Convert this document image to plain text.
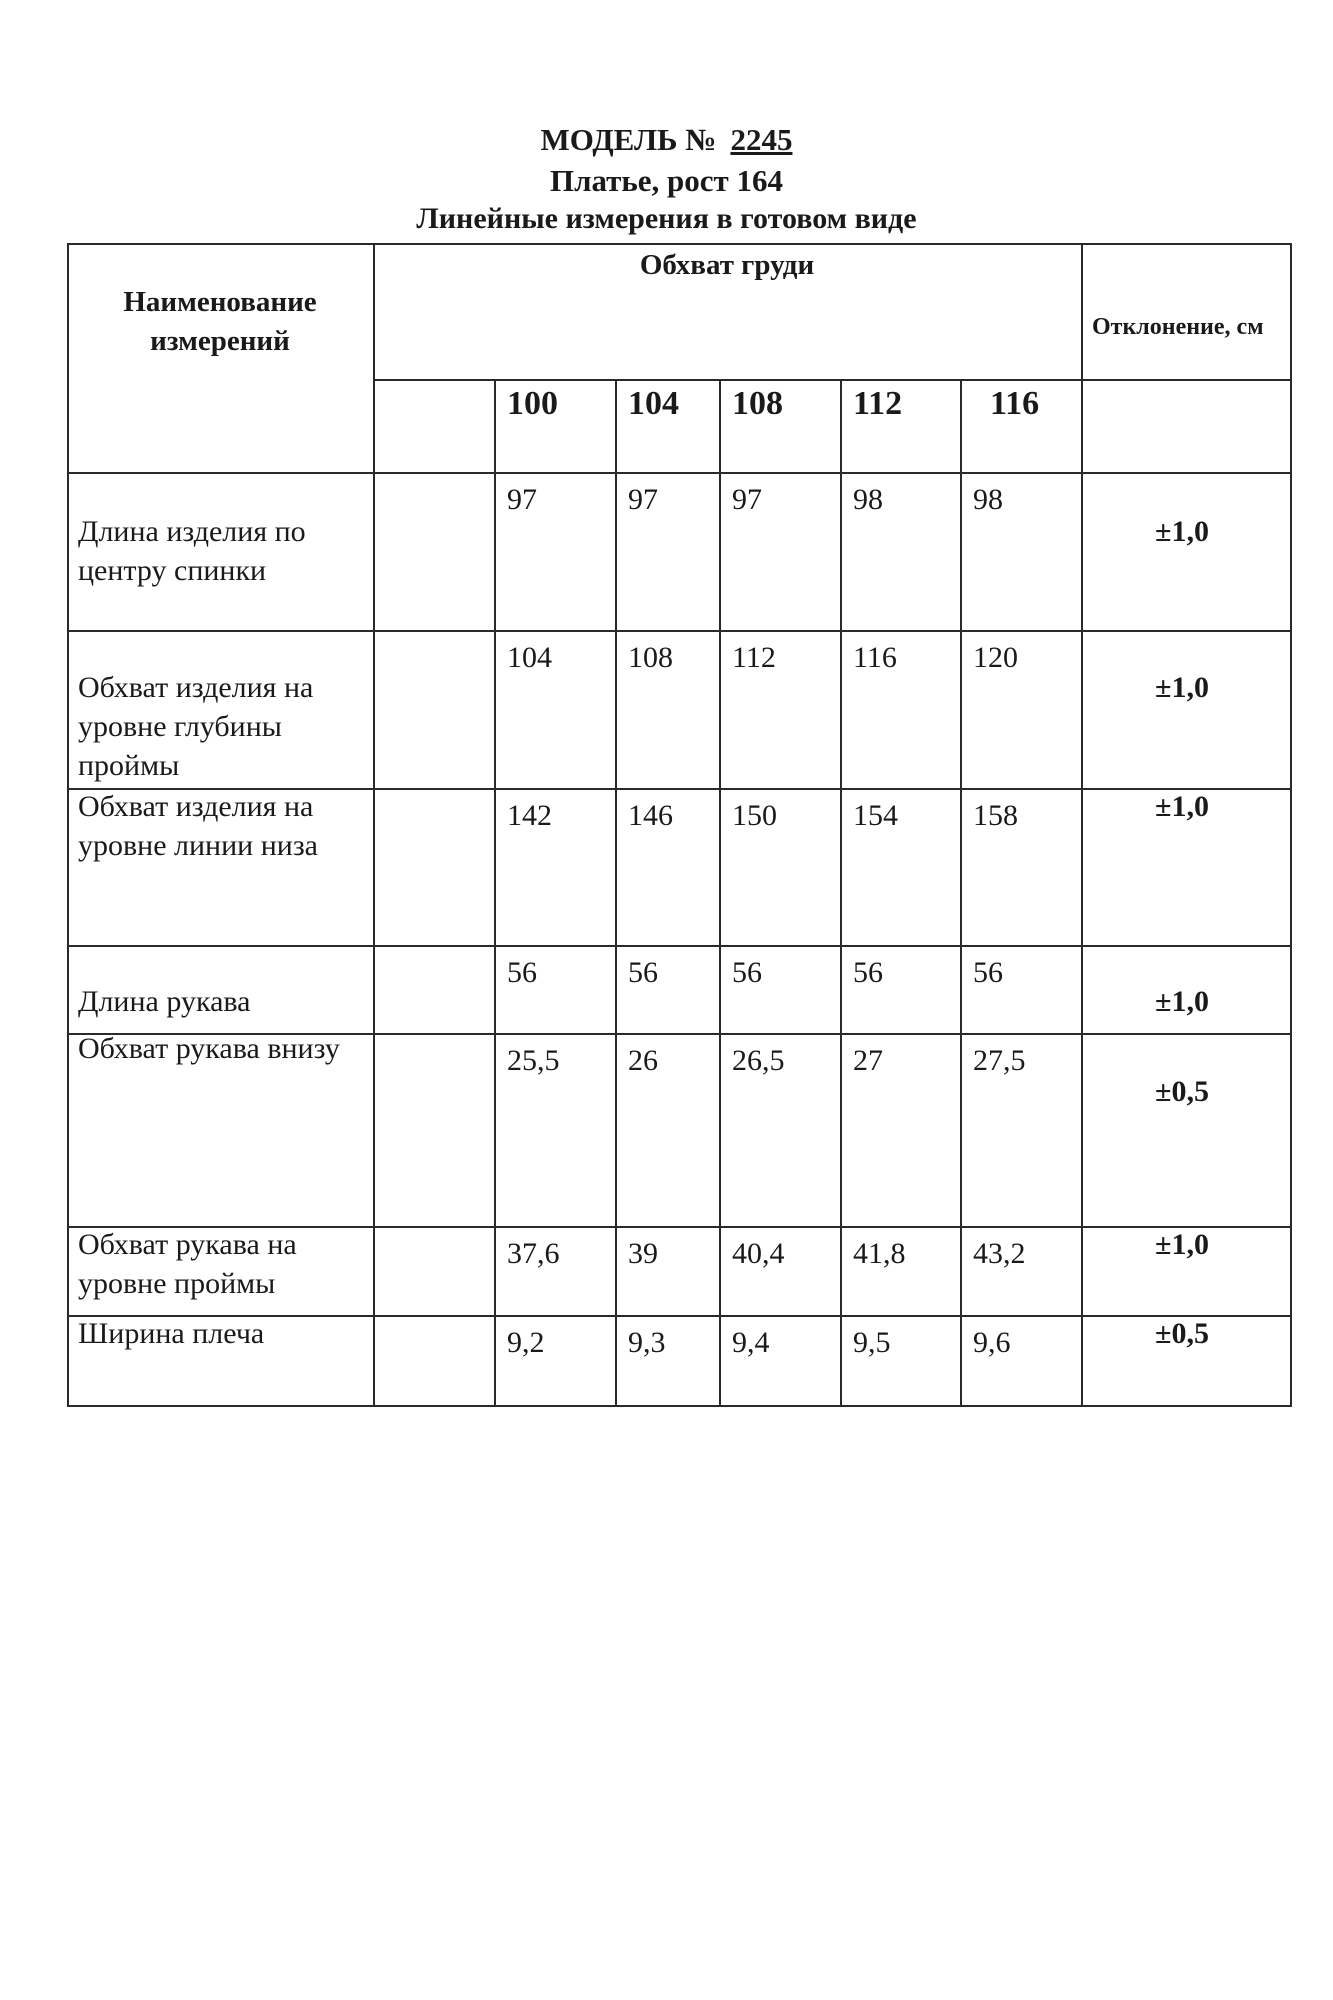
МОДЕЛЬ № 2245
Платье, рост 164
Линейные измерения в готовом виде
Наименование измерений
Обхват груди
Отклонение, см
100	104	108	112	116
Длина изделия по центру спинки
97	97	97	98	98
±1,0
Обхват изделия на уровне глубины проймы
104	108	112	116	120
±1,0
Обхват изделия на уровне линии низа
142	146	150	154	158	±1,0
Длина рукава
56	56	56	56	56
±1,0
Обхват рукава внизу	25,5	26	26,5	27	27,5
±0,5
Обхват рукава на уровне проймы
37,6	39	40,4	41,8	43,2	±1,0
Ширина плеча	9,2	9,3	9,4	9,5	9,6	±0,5
